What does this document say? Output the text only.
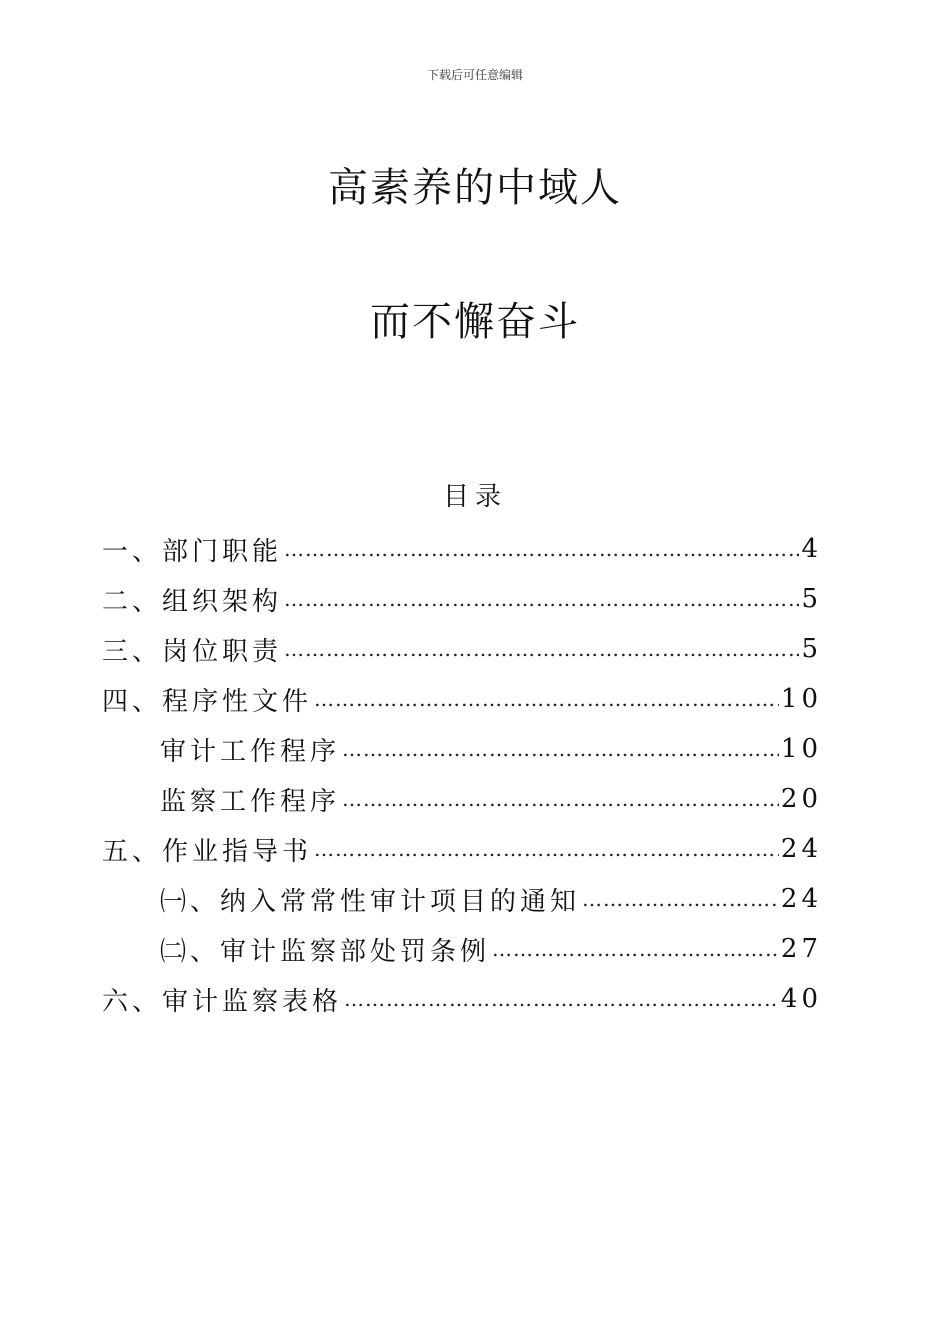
下载后可任意编辑
高素养的中域人
而不懈奋斗
目录
一、 部门职能 ………………………………………………………………………………………………………………	4
二、 组织架构 ………………………………………………………………………………………………………………	5
三、 岗位职责 ………………………………………………………………………………………………………………	5
四、 程序性文件 ………………………………………………………………………………………………………………	10
审计工作程序 ………………………………………………………………………………………………………………	10
监察工作程序 ………………………………………………………………………………………………………………	20
五、 作业指导书 ………………………………………………………………………………………………………………	24
㈠、纳入常常性审计项目的通知 ………………………………………………………………………………………………………………	24
㈡、审计监察部处罚条例 ………………………………………………………………………………………………………………	27
六、 审计监察表格 ………………………………………………………………………………………………………………	40
